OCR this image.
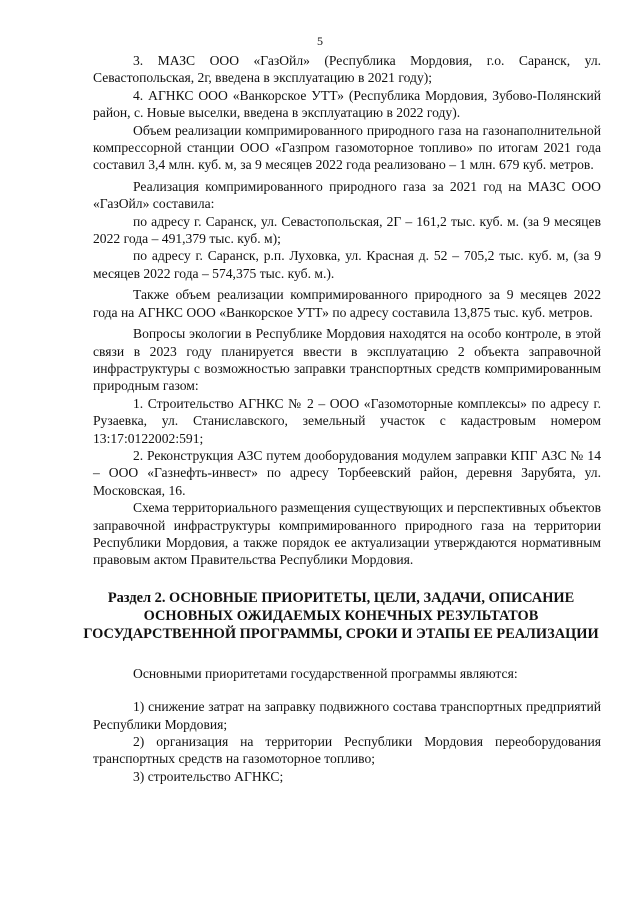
5

3. МАЗС ООО «ГазОйл» (Республика Мордовия, г.о. Саранск, ул. Севастопольская, 2г, введена в эксплуатацию в 2021 году);

4. АГНКС ООО «Ванкорское УТТ» (Республика Мордовия, Зубово-Полянский район, с. Новые выселки, введена в эксплуатацию в 2022 году).

Объем реализации компримированного природного газа на газонаполнительной компрессорной станции ООО «Газпром газомоторное топливо» по итогам 2021 года составил 3,4 млн. куб. м, за 9 месяцев 2022 года реализовано – 1 млн. 679 куб. метров.

Реализация компримированного природного газа за 2021 год на МАЗС ООО «ГазОйл» составила:

по адресу г. Саранск, ул. Севастопольская, 2Г – 161,2 тыс. куб. м. (за 9 месяцев 2022 года – 491,379 тыс. куб. м);

по адресу г. Саранск, р.п. Луховка, ул. Красная д. 52 – 705,2 тыс. куб. м, (за 9 месяцев 2022 года – 574,375 тыс. куб. м.).

Также объем реализации компримированного природного за 9 месяцев 2022 года на АГНКС ООО «Ванкорское УТТ» по адресу составила 13,875 тыс. куб. метров.

Вопросы экологии в Республике Мордовия находятся на особо контроле, в этой связи в 2023 году планируется ввести в эксплуатацию 2 объекта заправочной инфраструктуры с возможностью заправки транспортных средств компримированным природным газом:

1. Строительство АГНКС № 2 – ООО «Газомоторные комплексы» по адресу г. Рузаевка, ул. Станиславского, земельный участок с кадастровым номером 13:17:0122002:591;

2. Реконструкция АЗС путем дооборудования модулем заправки КПГ АЗС № 14 – ООО «Газнефть-инвест» по адресу Торбеевский район, деревня Зарубята, ул. Московская, 16.

Схема территориального размещения существующих и перспективных объектов заправочной инфраструктуры компримированного природного газа на территории Республики Мордовия, а также порядок ее актуализации утверждаются нормативным правовым актом Правительства Республики Мордовия.

Раздел 2. ОСНОВНЫЕ ПРИОРИТЕТЫ, ЦЕЛИ, ЗАДАЧИ, ОПИСАНИЕ ОСНОВНЫХ ОЖИДАЕМЫХ КОНЕЧНЫХ РЕЗУЛЬТАТОВ ГОСУДАРСТВЕННОЙ ПРОГРАММЫ, СРОКИ И ЭТАПЫ ЕЕ РЕАЛИЗАЦИИ

Основными приоритетами государственной программы являются:

1) снижение затрат на заправку подвижного состава транспортных предприятий Республики Мордовия;

2) организация на территории Республики Мордовия переоборудования транспортных средств на газомоторное топливо;

3) строительство АГНКС;
